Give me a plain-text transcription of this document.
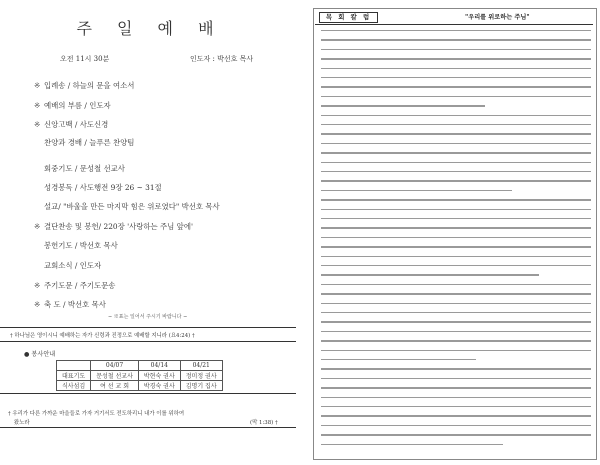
주 일 예 배
오전 11시 30분	인도자 : 박선호 목사
※ 입례송 / 하늘의 문을 여소서
※ 예배의 부름 / 인도자
※ 신앙고백 / 사도신경
찬양과 경배 / 늘푸른 찬양팀
회중기도 / 문성철 선교사
성경봉독 / 사도행전 9장 26 ~ 31절
설교/ "바울을 만든 마지막 힘은 위로였다" 박선호 목사
※ 결단찬송 및 봉헌/ 220장 '사랑하는 주님 앞에'
봉헌기도 / 박선호 목사
교회소식 / 인도자
※ 주기도문 / 주기도문송
※ 축 도 / 박선호 목사
~ ※표는 일어서 주시기 바랍니다 ~
† 하나님은 영이시니 예배하는 자가 신령과 진정으로 예배할 지니라 (요4:24) †
● 봉사안내
	04/07	04/14	04/21
대표기도	문성철 선교사	박현숙 권사	정미정 권사
식사섬김	여 선 교 회	박경숙 권사	김명기 집사
† 우리가 다른 가까운 마을들로 가자 거기서도 전도하리니 내가 이를 위하여
왔노라	(막 1:38) †
목 회 칼 럼	"우리를 위로하는 주님"
